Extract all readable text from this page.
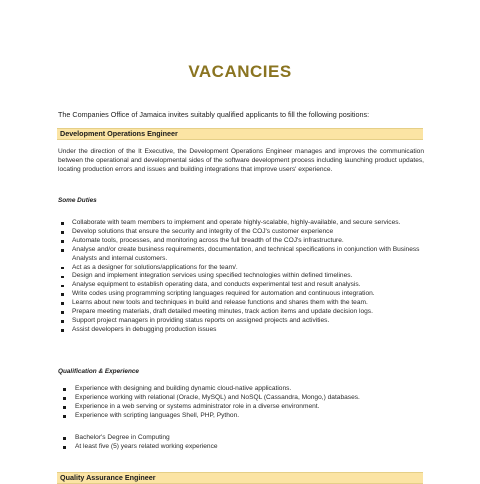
VACANCIES
The Companies Office of Jamaica invites suitably qualified applicants to fill the following positions:
Development Operations Engineer
Under the direction of the It Executive, the Development Operations Engineer manages and improves the communication between the operational and developmental sides of the software development process including launching product updates, locating production errors and issues and building integrations that improve users' experience.
Some Duties
Collaborate with team members to implement and operate highly-scalable, highly-available, and secure services.
Develop solutions that ensure the security and integrity of the COJ's customer experience
Automate tools, processes, and monitoring across the full breadth of the COJ's infrastructure.
Analyse and/or create business requirements, documentation, and technical specifications in conjunction with Business Analysts and internal customers.
Act as a designer for solutions/applications for the team/.
Design and implement integration services using specified technologies within defined timelines.
Analyse equipment to establish operating data, and conducts experimental test and result analysis.
Write codes using programming scripting languages required for automation and continuous integration.
Learns about new tools and techniques in build and release functions and shares them with the team.
Prepare meeting materials, draft detailed meeting minutes, track action items and update decision logs.
Support project managers in providing status reports on assigned projects and activities.
Assist developers in debugging production issues
Qualification & Experience
Experience with designing and building dynamic cloud-native applications.
Experience working with relational (Oracle, MySQL) and NoSQL (Cassandra, Mongo,) databases.
Experience in a web serving or systems administrator role in a diverse environment.
Experience with scripting languages Shell, PHP, Python.
Bachelor's Degree in Computing
At least five (5) years related working experience
Quality Assurance Engineer
